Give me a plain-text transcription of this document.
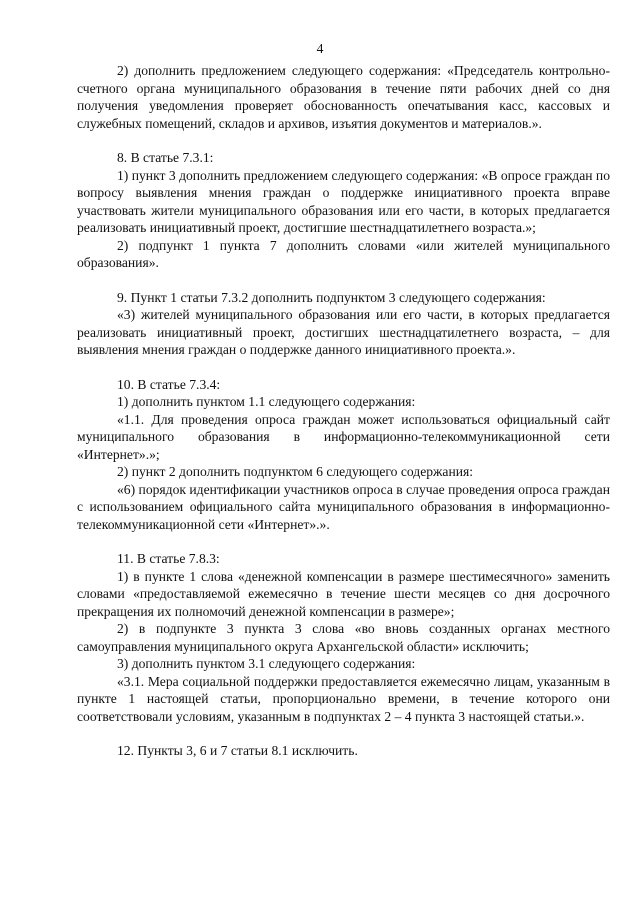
4

2) дополнить предложением следующего содержания: «Председатель контрольно-счетного органа муниципального образования в течение пяти рабочих дней со дня получения уведомления проверяет обоснованность опечатывания касс, кассовых и служебных помещений, складов и архивов, изъятия документов и материалов.».

8. В статье 7.3.1:

1) пункт 3 дополнить предложением следующего содержания: «В опросе граждан по вопросу выявления мнения граждан о поддержке инициативного проекта вправе участвовать жители муниципального образования или его части, в которых предлагается реализовать инициативный проект, достигшие шестнадцатилетнего возраста.»;

2) подпункт 1 пункта 7 дополнить словами «или жителей муниципального образования».

9. Пункт 1 статьи 7.3.2 дополнить подпунктом 3 следующего содержания:

«3) жителей муниципального образования или его части, в которых предлагается реализовать инициативный проект, достигших шестнадцатилетнего возраста, – для выявления мнения граждан о поддержке данного инициативного проекта.».

10. В статье 7.3.4:

1) дополнить пунктом 1.1 следующего содержания:

«1.1. Для проведения опроса граждан может использоваться официальный сайт муниципального образования в информационно-телекоммуникационной сети «Интернет».»;

2) пункт 2 дополнить подпунктом 6 следующего содержания:

«6) порядок идентификации участников опроса в случае проведения опроса граждан с использованием официального сайта муниципального образования в информационно-телекоммуникационной сети «Интернет».».

11. В статье 7.8.3:

1) в пункте 1 слова «денежной компенсации в размере шестимесячного» заменить словами «предоставляемой ежемесячно в течение шести месяцев со дня досрочного прекращения их полномочий денежной компенсации в размере»;

2) в подпункте 3 пункта 3 слова «во вновь созданных органах местного самоуправления муниципального округа Архангельской области» исключить;

3) дополнить пунктом 3.1 следующего содержания:

«3.1. Мера социальной поддержки предоставляется ежемесячно лицам, указанным в пункте 1 настоящей статьи, пропорционально времени, в течение которого они соответствовали условиям, указанным в подпунктах 2 – 4 пункта 3 настоящей статьи.».

12. Пункты 3, 6 и 7 статьи 8.1 исключить.
